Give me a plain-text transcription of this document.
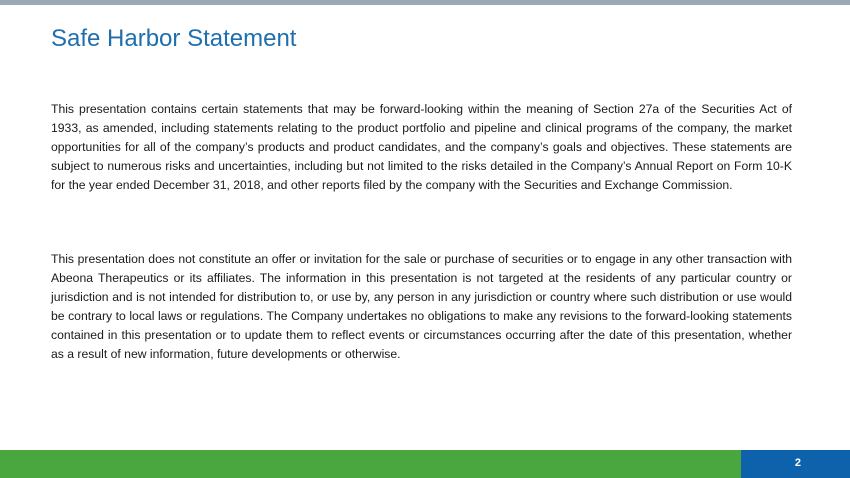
Safe Harbor Statement

This presentation contains certain statements that may be forward-looking within the meaning of Section 27a of the Securities Act of 1933, as amended, including statements relating to the product portfolio and pipeline and clinical programs of the company, the market opportunities for all of the company’s products and product candidates, and the company’s goals and objectives. These statements are subject to numerous risks and uncertainties, including but not limited to the risks detailed in the Company’s Annual Report on Form 10-K for the year ended December 31, 2018, and other reports filed by the company with the Securities and Exchange Commission.

This presentation does not constitute an offer or invitation for the sale or purchase of securities or to engage in any other transaction with Abeona Therapeutics or its affiliates. The information in this presentation is not targeted at the residents of any particular country or jurisdiction and is not intended for distribution to, or use by, any person in any jurisdiction or country where such distribution or use would be contrary to local laws or regulations. The Company undertakes no obligations to make any revisions to the forward-looking statements contained in this presentation or to update them to reflect events or circumstances occurring after the date of this presentation, whether as a result of new information, future developments or otherwise.

2
